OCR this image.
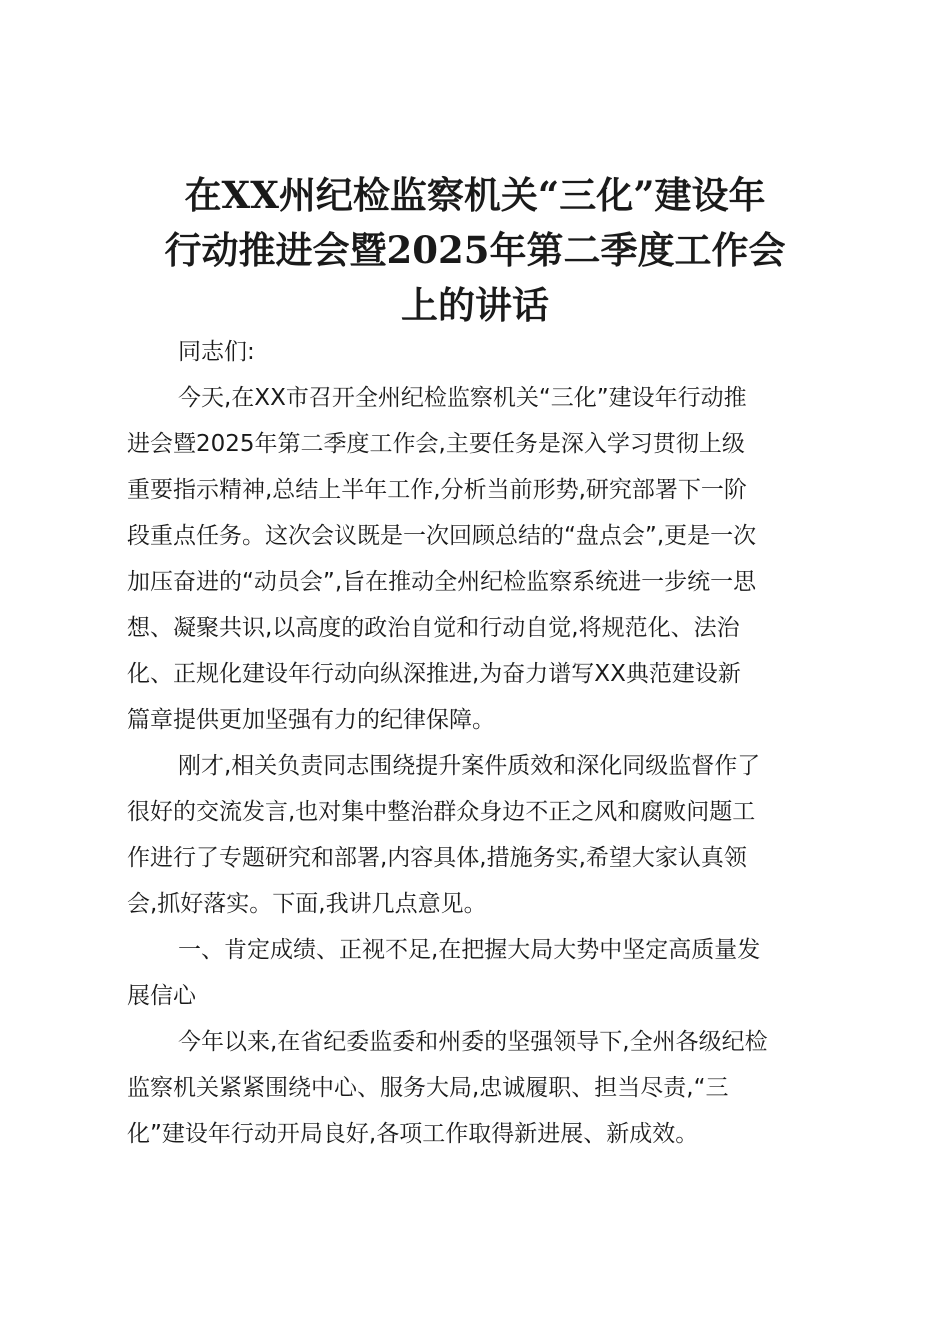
在XX州纪检监察机关“三化”建设年
行动推进会暨2025年第二季度工作会
上的讲话

同志们:

今天,在XX市召开全州纪检监察机关“三化”建设年行动推
进会暨2025年第二季度工作会,主要任务是深入学习贯彻上级
重要指示精神,总结上半年工作,分析当前形势,研究部署下一阶
段重点任务。这次会议既是一次回顾总结的“盘点会”,更是一次
加压奋进的“动员会”,旨在推动全州纪检监察系统进一步统一思
想、凝聚共识,以高度的政治自觉和行动自觉,将规范化、法治
化、正规化建设年行动向纵深推进,为奋力谱写XX典范建设新
篇章提供更加坚强有力的纪律保障。

刚才,相关负责同志围绕提升案件质效和深化同级监督作了
很好的交流发言,也对集中整治群众身边不正之风和腐败问题工
作进行了专题研究和部署,内容具体,措施务实,希望大家认真领
会,抓好落实。下面,我讲几点意见。

一、肯定成绩、正视不足,在把握大局大势中坚定高质量发
展信心

今年以来,在省纪委监委和州委的坚强领导下,全州各级纪检
监察机关紧紧围绕中心、服务大局,忠诚履职、担当尽责,“三
化”建设年行动开局良好,各项工作取得新进展、新成效。
